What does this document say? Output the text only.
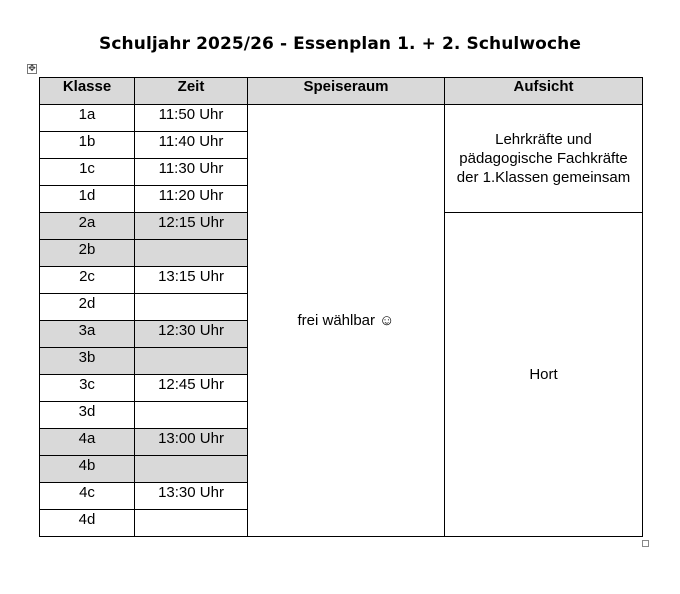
Schuljahr 2025/26 - Essenplan 1. + 2. Schulwoche
✥
Klasse	Zeit	Speiseraum	Aufsicht
1a	11:50 Uhr	frei wählbar ☺	Lehrkräfte und pädagogische Fachkräfte der 1.Klassen gemeinsam

1b	11:40 Uhr		
1c	11:30 Uhr		
1d	11:20 Uhr		
2a	12:15 Uhr		Hort

2b			
2c	13:15 Uhr		
2d			
3a	12:30 Uhr		
3b			
3c	12:45 Uhr		
3d			
4a	13:00 Uhr		
4b			
4c	13:30 Uhr		
4d			
